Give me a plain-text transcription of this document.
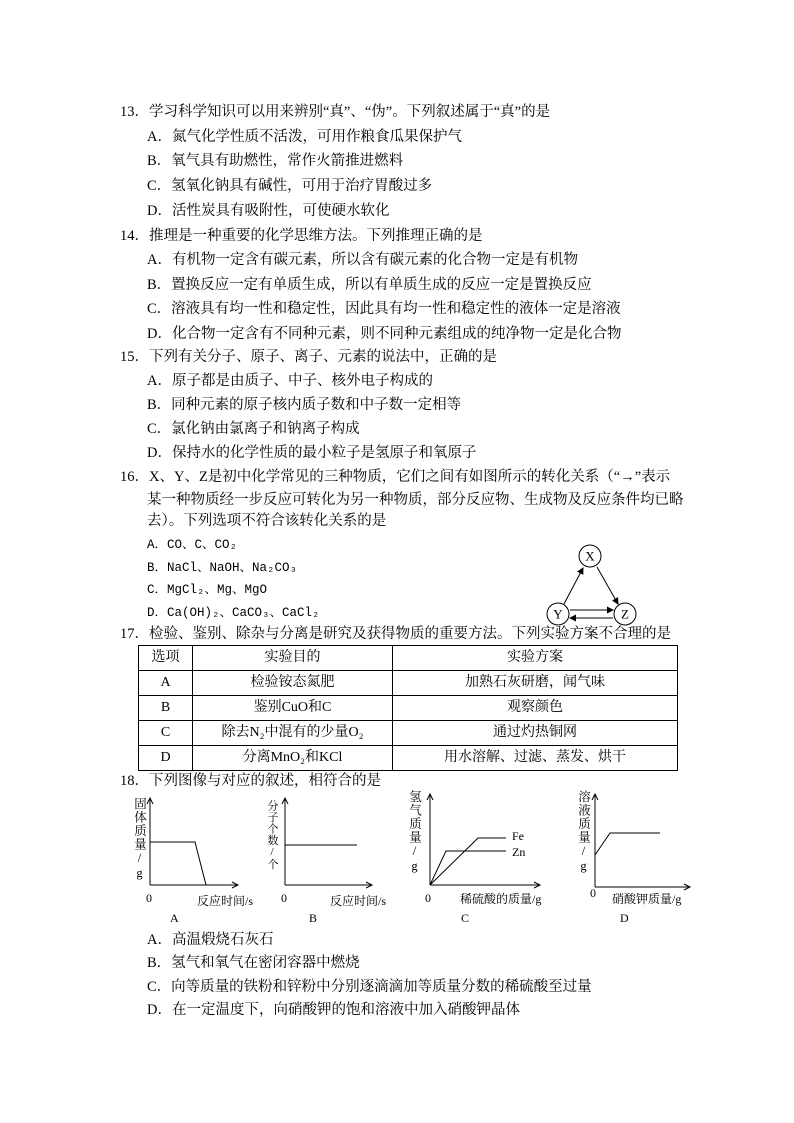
13．学习科学知识可以用来辨别“真”、“伪”。下列叙述属于“真”的是
A．氮气化学性质不活泼，可用作粮食瓜果保护气
B．氧气具有助燃性，常作火箭推进燃料
C．氢氧化钠具有碱性，可用于治疗胃酸过多
D．活性炭具有吸附性，可使硬水软化
14．推理是一种重要的化学思维方法。下列推理正确的是
A．有机物一定含有碳元素，所以含有碳元素的化合物一定是有机物
B．置换反应一定有单质生成，所以有单质生成的反应一定是置换反应
C．溶液具有均一性和稳定性，因此具有均一性和稳定性的液体一定是溶液
D．化合物一定含有不同种元素，则不同种元素组成的纯净物一定是化合物
15．下列有关分子、原子、离子、元素的说法中，正确的是
A．原子都是由质子、中子、核外电子构成的
B．同种元素的原子核内质子数和中子数一定相等
C．氯化钠由氯离子和钠离子构成
D．保持水的化学性质的最小粒子是氢原子和氧原子
16．X、Y、Z是初中化学常见的三种物质，它们之间有如图所示的转化关系（“→”表示
某一种物质经一步反应可转化为另一种物质，部分反应物、生成物及反应条件均已略
去）。下列选项不符合该转化关系的是
A．CO、C、CO₂
B．NaCl、NaOH、Na₂CO₃
C．MgCl₂、Mg、MgO
D．Ca(OH)₂、CaCO₃、CaCl₂
X
Y	Z
17．检验、鉴别、除杂与分离是研究及获得物质的重要方法。下列实验方案不合理的是
选项	实验目的	实验方案
A	检验铵态氮肥	加熟石灰研磨，闻气味
B	鉴别CuO和C	观察颜色
C	除去N₂中混有的少量O₂	通过灼热铜网
D	分离MnO₂和KCl	用水溶解、过滤、蒸发、烘干
18．下列图像与对应的叙述，相符合的是
固体质量/g
0	反应时间/s
A
分子个数/个
0	反应时间/s
B
氢气质量/g
0 稀硫酸的质量/g
Fe
Zn
C
溶液质量/g
0 硝酸钾质量/g
D
A．高温煅烧石灰石
B．氢气和氧气在密闭容器中燃烧
C．向等质量的铁粉和锌粉中分别逐滴滴加等质量分数的稀硫酸至过量
D．在一定温度下，向硝酸钾的饱和溶液中加入硝酸钾晶体
